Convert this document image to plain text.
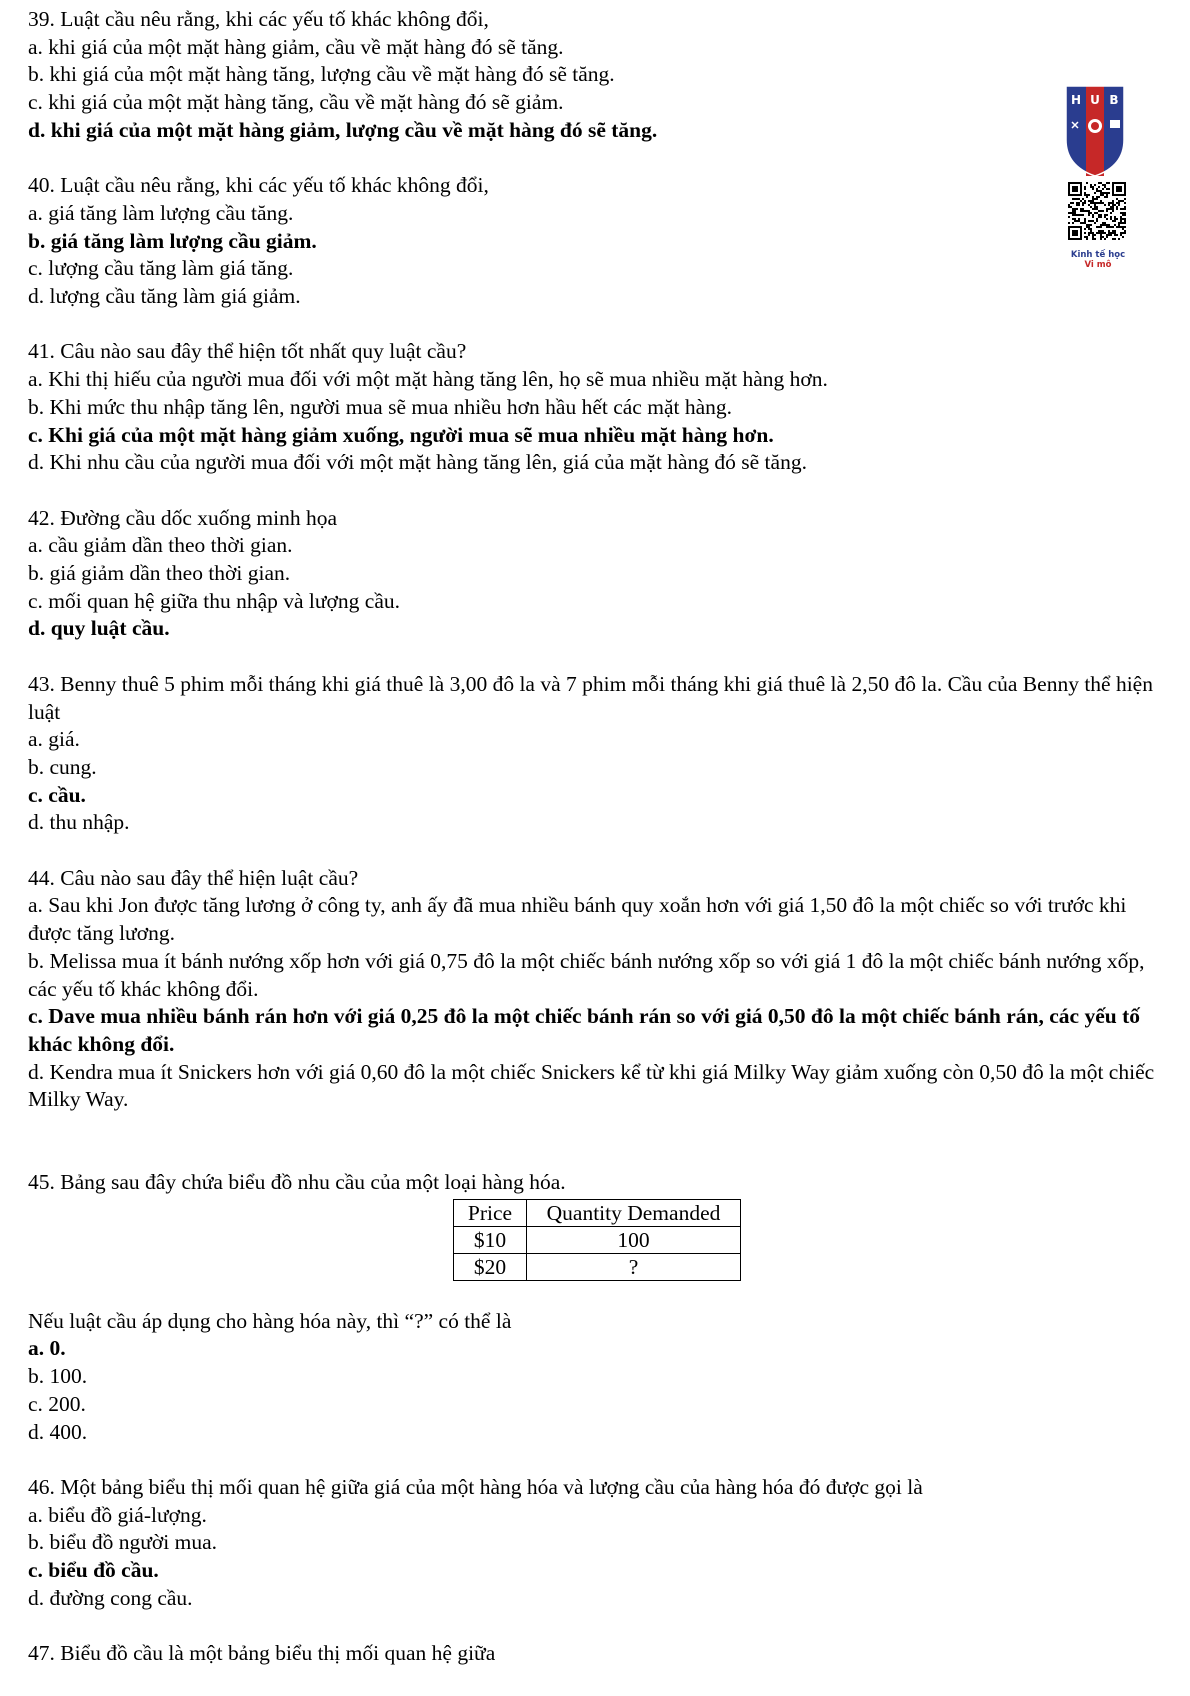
H U B
Kinh tế học
Vi mô
39. Luật cầu nêu rằng, khi các yếu tố khác không đổi,
a. khi giá của một mặt hàng giảm, cầu về mặt hàng đó sẽ tăng.
b. khi giá của một mặt hàng tăng, lượng cầu về mặt hàng đó sẽ tăng.
c. khi giá của một mặt hàng tăng, cầu về mặt hàng đó sẽ giảm.
d. khi giá của một mặt hàng giảm, lượng cầu về mặt hàng đó sẽ tăng.
40. Luật cầu nêu rằng, khi các yếu tố khác không đổi,
a. giá tăng làm lượng cầu tăng.
b. giá tăng làm lượng cầu giảm.
c. lượng cầu tăng làm giá tăng.
d. lượng cầu tăng làm giá giảm.
41. Câu nào sau đây thể hiện tốt nhất quy luật cầu?
a. Khi thị hiếu của người mua đối với một mặt hàng tăng lên, họ sẽ mua nhiều mặt hàng hơn.
b. Khi mức thu nhập tăng lên, người mua sẽ mua nhiều hơn hầu hết các mặt hàng.
c. Khi giá của một mặt hàng giảm xuống, người mua sẽ mua nhiều mặt hàng hơn.
d. Khi nhu cầu của người mua đối với một mặt hàng tăng lên, giá của mặt hàng đó sẽ tăng.
42. Đường cầu dốc xuống minh họa
a. cầu giảm dần theo thời gian.
b. giá giảm dần theo thời gian.
c. mối quan hệ giữa thu nhập và lượng cầu.
d. quy luật cầu.
43. Benny thuê 5 phim mỗi tháng khi giá thuê là 3,00 đô la và 7 phim mỗi tháng khi giá thuê là 2,50 đô la. Cầu của Benny thể hiện luật
a. giá.
b. cung.
c. cầu.
d. thu nhập.
44. Câu nào sau đây thể hiện luật cầu?
a. Sau khi Jon được tăng lương ở công ty, anh ấy đã mua nhiều bánh quy xoắn hơn với giá 1,50 đô la một chiếc so với trước khi được tăng lương.
b. Melissa mua ít bánh nướng xốp hơn với giá 0,75 đô la một chiếc bánh nướng xốp so với giá 1 đô la một chiếc bánh nướng xốp, các yếu tố khác không đổi.
c. Dave mua nhiều bánh rán hơn với giá 0,25 đô la một chiếc bánh rán so với giá 0,50 đô la một chiếc bánh rán, các yếu tố khác không đổi.
d. Kendra mua ít Snickers hơn với giá 0,60 đô la một chiếc Snickers kể từ khi giá Milky Way giảm xuống còn 0,50 đô la một chiếc Milky Way.
45. Bảng sau đây chứa biểu đồ nhu cầu của một loại hàng hóa.
Price	Quantity Demanded
$10	100
$20	?
Nếu luật cầu áp dụng cho hàng hóa này, thì “?” có thể là
a. 0.
b. 100.
c. 200.
d. 400.
46. Một bảng biểu thị mối quan hệ giữa giá của một hàng hóa và lượng cầu của hàng hóa đó được gọi là
a. biểu đồ giá-lượng.
b. biểu đồ người mua.
c. biểu đồ cầu.
d. đường cong cầu.
47. Biểu đồ cầu là một bảng biểu thị mối quan hệ giữa
